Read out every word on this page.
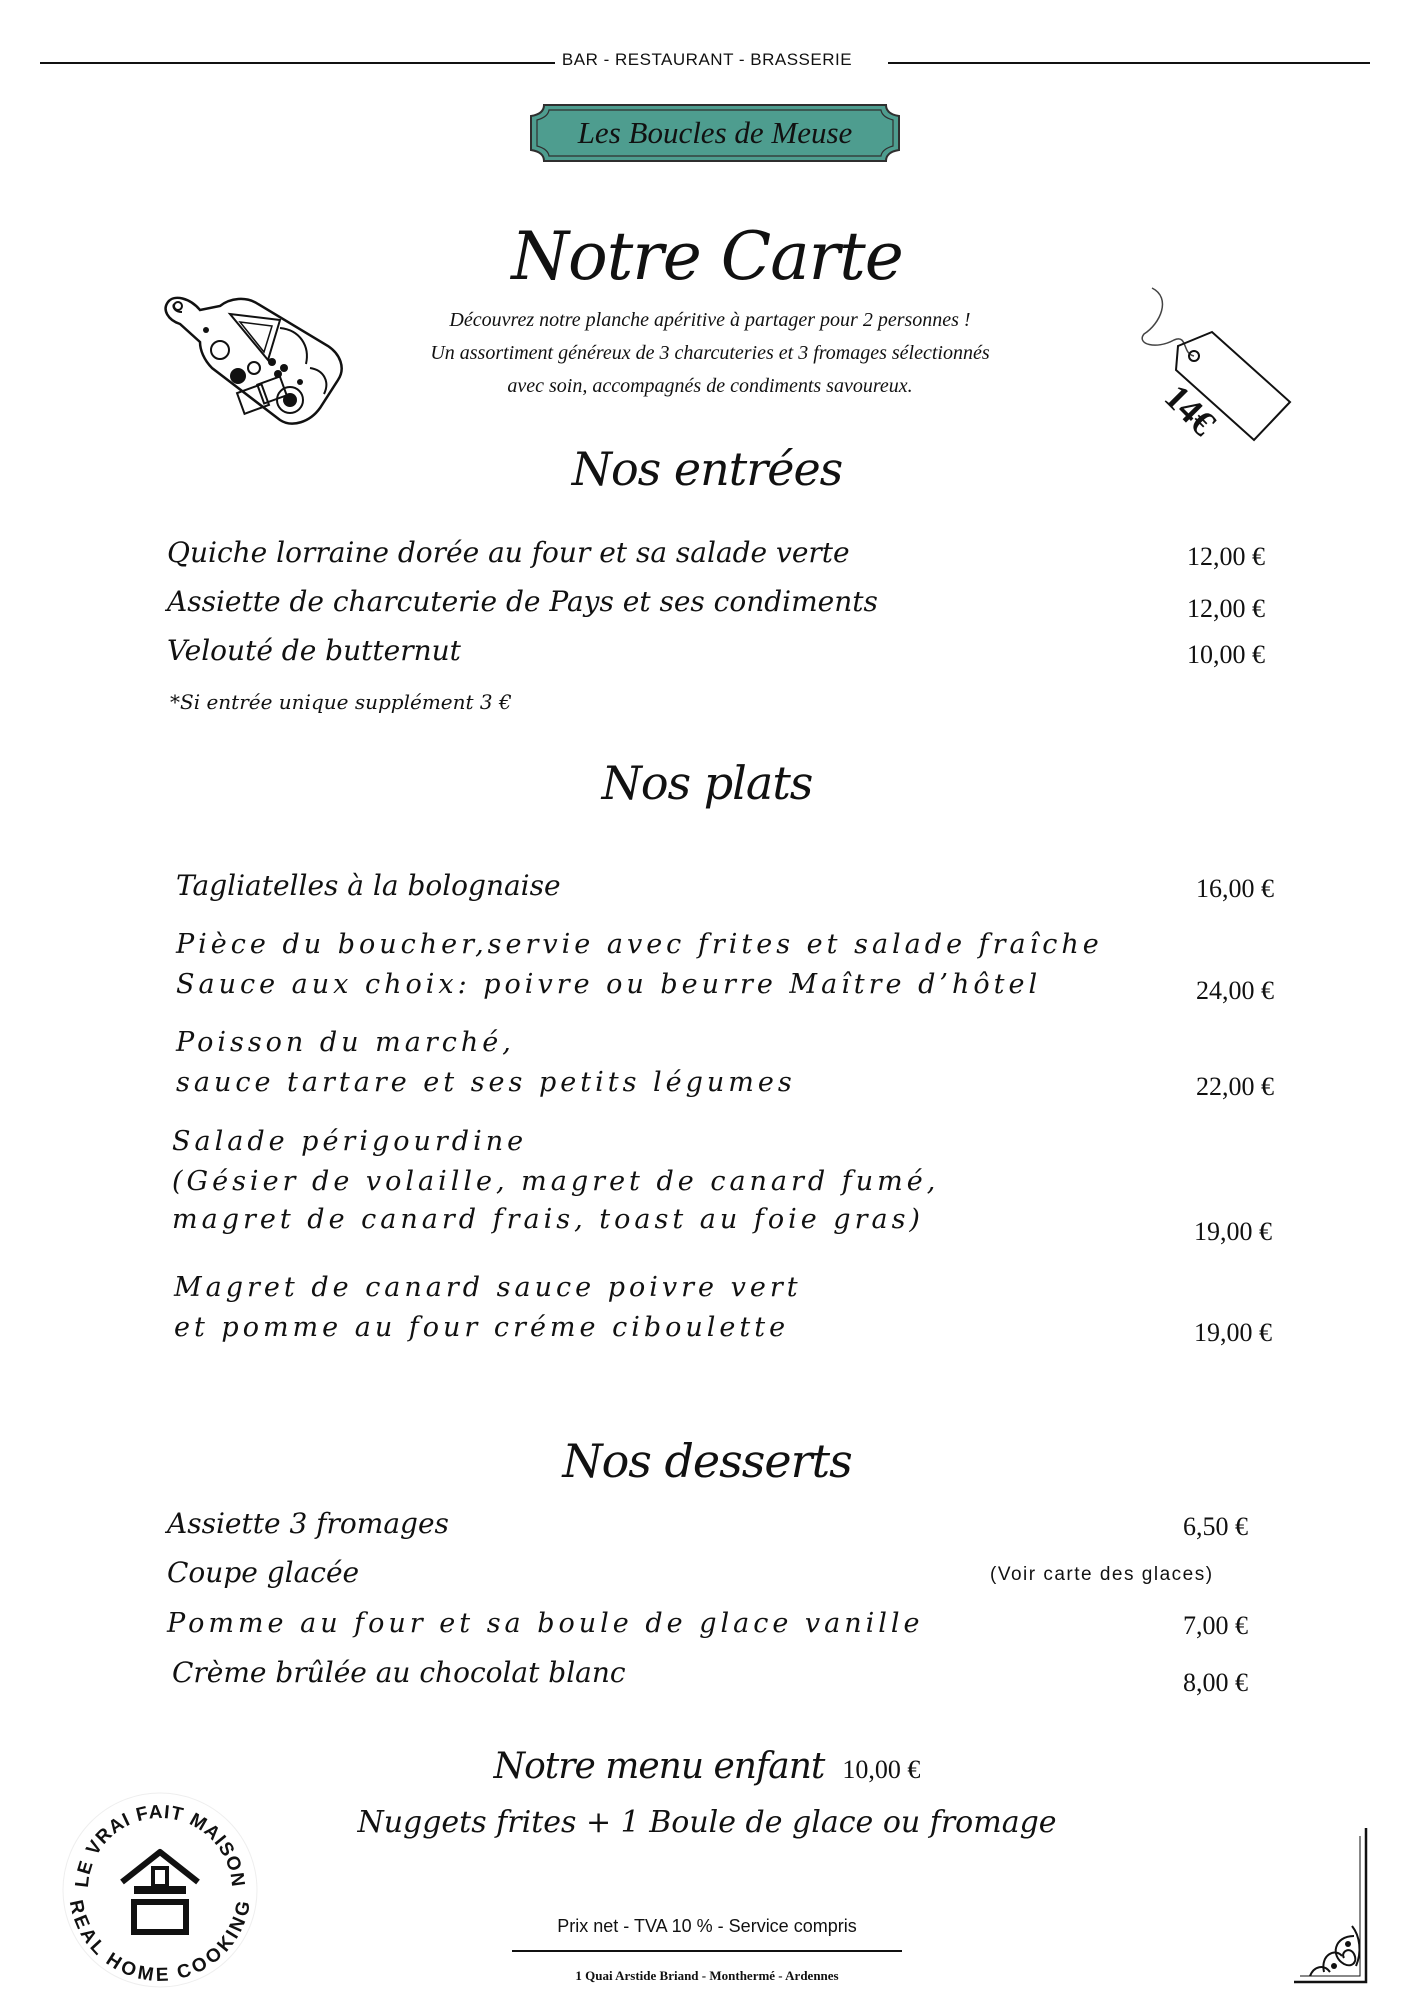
BAR - RESTAURANT - BRASSERIE
Les Boucles de Meuse
Notre Carte
Découvrez notre planche apéritive à partager pour 2 personnes !
Un assortiment généreux de 3 charcuteries et 3 fromages sélectionnés
avec soin, accompagnés de condiments savoureux.	14€
Nos entrées
Quiche lorraine dorée au four et sa salade verte	12,00 €
Assiette de charcuterie de Pays et ses condiments	12,00 €
Velouté de butternut	10,00 €
*Si entrée unique supplément 3 €
Nos plats
Tagliatelles à la bolognaise	16,00 €
Pièce du boucher,servie avec frites et salade fraîche
Sauce aux choix: poivre ou beurre Maître d’hôtel	24,00 €
Poisson du marché,
sauce tartare et ses petits légumes	22,00 €
Salade périgourdine
(Gésier de volaille, magret de canard fumé,
magret de canard frais, toast au foie gras)	19,00 €
Magret de canard sauce poivre vert
et pomme au four créme ciboulette	19,00 €
Nos desserts
Assiette 3 fromages	6,50 €
Coupe glacée	(Voir carte des glaces)
Pomme au four et sa boule de glace vanille	7,00 €
Crème brûlée au chocolat blanc	8,00 €
Notre menu enfant 10,00 €
Nuggets frites + 1 Boule de glace ou fromage
LE VRAI FAIT MAISON
REAL HOME COOKING
Prix net - TVA 10 % - Service compris
1 Quai Arstide Briand - Monthermé - Ardennes
